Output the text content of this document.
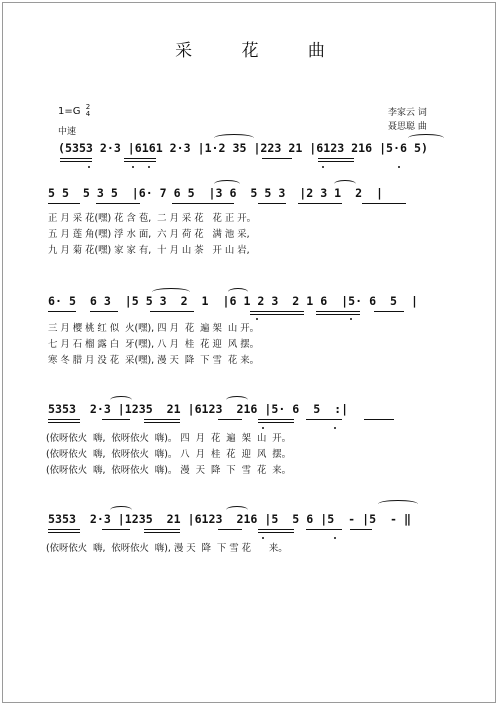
采 花 曲
1=G 2
4
中速
李家云 词
聂思聪 曲
(5353 2·3 |6161 2·3 |1·2 35 |223 21 |6123 216 |5·6 5)
5 5  5 3 5  |6· 7 6 5  |3 6  5 5 3  |2 3 1  2  |
正 月 采 花(嘿) 花 含 苞,  二 月 采 花   花 正 开。
五 月 莲 角(嘿) 浮 水 面,  六 月 荷 花   满 池 采,
九 月 菊 花(嘿) 家 家 有,  十 月 山 茶   开 山 岩,
6· 5  6 3  |5 5 3  2  1  |6 1 2 3  2 1 6  |5· 6  5  |
三 月 樱 桃 红 似  火(嘿), 四 月  花  遍 架  山 开。
七 月 石 榴 露 白  牙(嘿), 八 月  桂  花 迎  风 摆。
寒 冬 腊 月 没 花  采(嘿), 漫 天  降  下 雪  花 来。
5353  2·3 |1235  21 |6123  216 |5· 6  5  :|
(依呀依火  嗨,  依呀依火  嗨)。 四  月  花  遍  架  山  开。
(依呀依火  嗨,  依呀依火  嗨)。 八  月  桂  花  迎  风  摆。
(依呀依火  嗨,  依呀依火  嗨)。 漫  天  降  下  雪  花  来。
5353  2·3 |1235  21 |6123  216 |5  5 6 |5  - |5  - ‖
(依呀依火  嗨,  依呀依火  嗨), 漫 天  降  下 雪 花      来。
